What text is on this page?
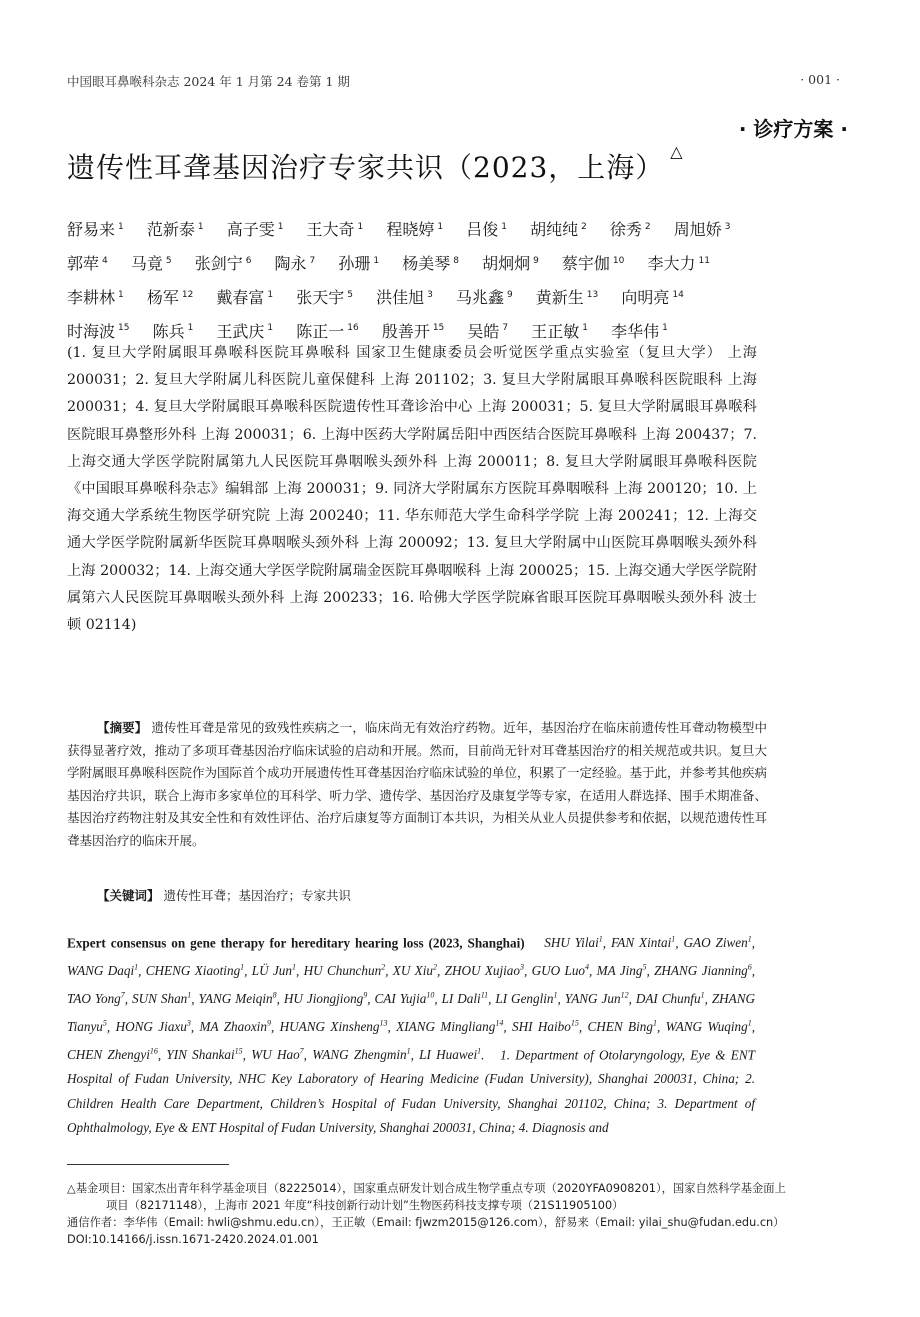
中国眼耳鼻喉科杂志 2024 年 1 月第 24 卷第 1 期	· 001 ·
· 诊疗方案 ·
遗传性耳聋基因治疗专家共识（2023，上海） △
舒易来 $^1$ 范新泰 $^1$ 高子雯 $^1$ 王大奇 $^1$ 程晓婷 $^1$ 吕俊 $^1$ 胡纯纯 $^2$ 徐秀 $^2$ 周旭娇 $^3$ 郭荦 $^4$ 马竟 $^5$ 张剑宁 $^6$ 陶永 $^7$ 孙珊 $^1$ 杨美琴 $^8$ 胡炯炯 $^9$ 蔡宇伽 $^{10}$ 李大力 $^{11}$ 李耕林 $^1$ 杨军 $^{12}$ 戴春富 $^1$ 张天宇 $^5$ 洪佳旭 $^3$ 马兆鑫 $^9$ 黄新生 $^{13}$ 向明亮 $^{14}$ 时海波 $^{15}$ 陈兵 $^1$ 王武庆 $^1$ 陈正一 $^{16}$ 殷善开 $^{15}$ 吴皓 $^7$ 王正敏 $^1$ 李华伟 $^1$
(1. 复旦大学附属眼耳鼻喉科医院耳鼻喉科 国家卫生健康委员会听觉医学重点实验室（复旦大学） 上海 200031；2. 复旦大学附属儿科医院儿童保健科 上海 201102；3. 复旦大学附属眼耳鼻喉科医院眼科 上海 200031；4. 复旦大学附属眼耳鼻喉科医院遗传性耳聋诊治中心 上海 200031；5. 复旦大学附属眼耳鼻喉科医院眼耳鼻整形外科 上海 200031；6. 上海中医药大学附属岳阳中西医结合医院耳鼻喉科 上海 200437；7. 上海交通大学医学院附属第九人民医院耳鼻咽喉头颈外科 上海 200011；8. 复旦大学附属眼耳鼻喉科医院《中国眼耳鼻喉科杂志》编辑部 上海 200031；9. 同济大学附属东方医院耳鼻咽喉科 上海 200120；10. 上海交通大学系统生物医学研究院 上海 200240；11. 华东师范大学生命科学学院 上海 200241；12. 上海交通大学医学院附属新华医院耳鼻咽喉头颈外科 上海 200092；13. 复旦大学附属中山医院耳鼻咽喉头颈外科 上海 200032；14. 上海交通大学医学院附属瑞金医院耳鼻咽喉科 上海 200025；15. 上海交通大学医学院附属第六人民医院耳鼻咽喉头颈外科 上海 200233；16. 哈佛大学医学院麻省眼耳医院耳鼻咽喉头颈外科 波士顿 02114)
【摘要】 遗传性耳聋是常见的致残性疾病之一，临床尚无有效治疗药物。近年，基因治疗在临床前遗传性耳聋动物模型中获得显著疗效，推动了多项耳聋基因治疗临床试验的启动和开展。然而，目前尚无针对耳聋基因治疗的相关规范或共识。复旦大学附属眼耳鼻喉科医院作为国际首个成功开展遗传性耳聋基因治疗临床试验的单位，积累了一定经验。基于此，并参考其他疾病基因治疗共识，联合上海市多家单位的耳科学、听力学、遗传学、基因治疗及康复学等专家，在适用人群选择、围手术期准备、基因治疗药物注射及其安全性和有效性评估、治疗后康复等方面制订本共识，为相关从业人员提供参考和依据，以规范遗传性耳聋基因治疗的临床开展。
【关键词】 遗传性耳聋；基因治疗；专家共识
Expert consensus on gene therapy for hereditary hearing loss (2023, Shanghai) SHU Yilai$^1$, FAN Xintai$^1$, GAO Ziwen$^1$, WANG Daqi$^1$, CHENG Xiaoting$^1$, LÜ Jun$^1$, HU Chunchun$^2$, XU Xiu$^2$, ZHOU Xujiao$^3$, GUO Luo$^4$, MA Jing$^5$, ZHANG Jianning$^6$, TAO Yong$^7$, SUN Shan$^1$, YANG Meiqin$^8$, HU Jiongjiong$^9$, CAI Yujia$^{10}$, LI Dali$^{11}$, LI Genglin$^1$, YANG Jun$^{12}$, DAI Chunfu$^1$, ZHANG Tianyu$^5$, HONG Jiaxu$^3$, MA Zhaoxin$^9$, HUANG Xinsheng$^{13}$, XIANG Mingliang$^{14}$, SHI Haibo$^{15}$, CHEN Bing$^1$, WANG Wuqing$^1$, CHEN Zhengyi$^{16}$, YIN Shankai$^{15}$, WU Hao$^7$, WANG Zhengmin$^1$, LI Huawei$^1$.   1. Department of Otolaryngology, Eye & ENT Hospital of Fudan University, NHC Key Laboratory of Hearing Medicine (Fudan University), Shanghai 200031, China; 2. Children Health Care Department, Children’s Hospital of Fudan University, Shanghai 201102, China; 3. Department of Ophthalmology, Eye & ENT Hospital of Fudan University, Shanghai 200031, China; 4. Diagnosis and
△基金项目：国家杰出青年科学基金项目（82225014），国家重点研发计划合成生物学重点专项（2020YFA0908201），国家自然科学基金面上
项目（82171148），上海市 2021 年度“科技创新行动计划”生物医药科技支撑专项（21S11905100）
通信作者：李华伟（Email: hwli@shmu.edu.cn），王正敏（Email: fjwzm2015@126.com），舒易来（Email: yilai_shu@fudan.edu.cn）
DOI:10.14166/j.issn.1671-2420.2024.01.001
